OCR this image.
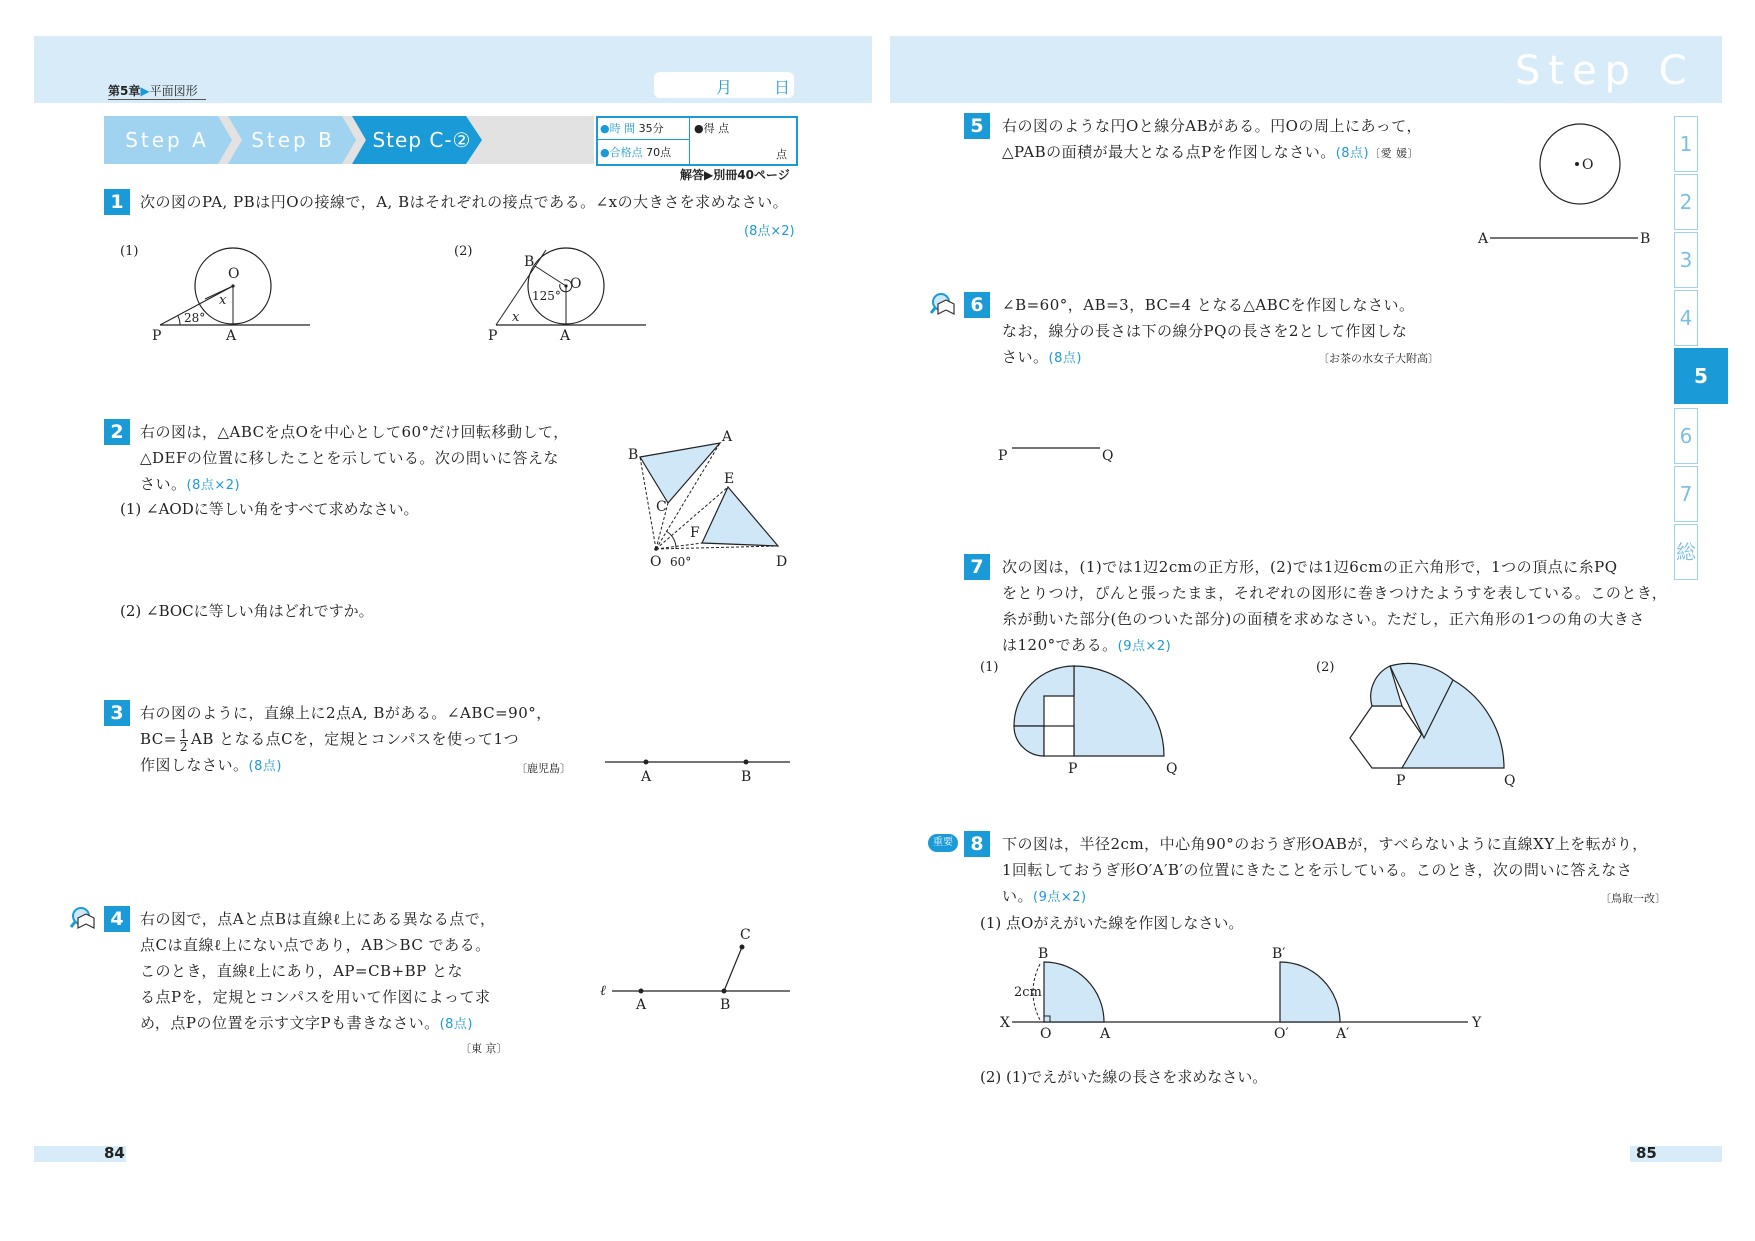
第5章▶平面図形	月	日
Step A	Step B	Step C-②	●時 間 35分
●合格点 70点
●得 点
点
解答▶別冊40ページ
1	次の図のPA, PBは円Oの接線で，A, Bはそれぞれの接点である。∠xの大きさを求めなさい。
(8点×2)
(1)	(2)
O
x
28°
P	A
B
O
125°
x
P	A
2	右の図は，△ABCを点Oを中心として60°だけ回転移動して，
△DEFの位置に移したことを示している。次の問いに答えな
さい。(8点×2)
(1) ∠AODに等しい角をすべて求めなさい。
(2) ∠BOCに等しい角はどれですか。
A
B
C
E
F
O 60°	D
3	右の図のように，直線上に2点A, Bがある。∠ABC=90°，
$BC= \frac{1}{2}$ AB となる点Cを，定規とコンパスを使って1つ
作図しなさい。(8点)	〔鹿児島〕
A	B
4	右の図で，点Aと点Bは直線ℓ上にある異なる点で，
点Cは直線ℓ上にない点であり，AB＞BC である。
このとき，直線ℓ上にあり，AP=CB+BP とな
る点Pを，定規とコンパスを用いて作図によって求
め，点Pの位置を示す文字Pも書きなさい。(8点)
〔東 京〕
ℓ
A	B
C
84
Step C
1
2
3
4
5
6
7
総
5	右の図のような円Oと線分ABがある。円Oの周上にあって，
△PABの面積が最大となる点Pを作図しなさい。(8点)〔愛 媛〕
O
A	B
6	∠B=60°，AB=3，BC=4 となる△ABCを作図しなさい。
なお，線分の長さは下の線分PQの長さを2として作図しな
さい。(8点)	〔お茶の水女子大附高〕
P	Q
7	次の図は，(1)では1辺2cmの正方形，(2)では1辺6cmの正六角形で，1つの頂点に糸PQ
をとりつけ，ぴんと張ったまま，それぞれの図形に巻きつけたようすを表している。このとき，
糸が動いた部分(色のついた部分)の面積を求めなさい。ただし，正六角形の1つの角の大きさ
は120°である。(9点×2)
(1)	(2)
P	Q
P	Q
重要 8	下の図は，半径2cm，中心角90°のおうぎ形OABが，すべらないように直線XY上を転がり，
1回転しておうぎ形O′A′B′の位置にきたことを示している。このとき，次の問いに答えなさ
い。(9点×2)	〔鳥取一改〕
(1) 点Oがえがいた線を作図しなさい。
B
2cm
X
O	A
B′
O′	A′
Y
(2) (1)でえがいた線の長さを求めなさい。
85
